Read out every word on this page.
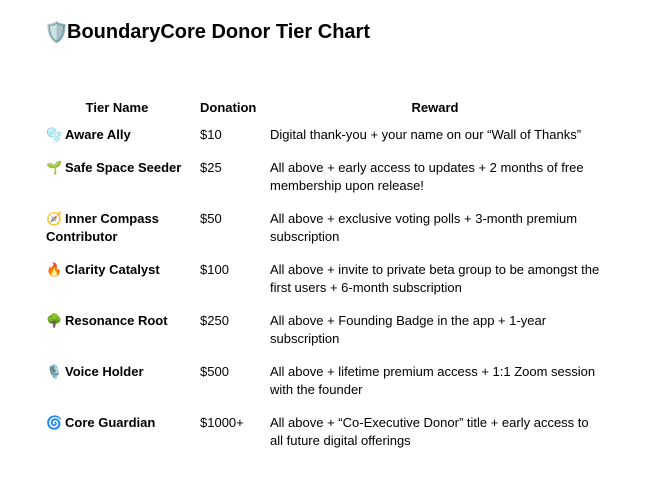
🛡️
BoundaryCore Donor Tier Chart
Tier Name	Donation	Reward
🫧 Aware Ally	$10	Digital thank-you + your name on our “Wall of Thanks”
🌱 Safe Space Seeder	$25	All above + early access to updates + 2 months of free membership upon release!
🧭 Inner Compass Contributor	$50	All above + exclusive voting polls + 3-month premium subscription
🔥 Clarity Catalyst	$100	All above + invite to private beta group to be amongst the first users + 6-month subscription
🌳 Resonance Root	$250	All above + Founding Badge in the app + 1-year subscription
🎙️ Voice Holder	$500	All above + lifetime premium access + 1:1 Zoom session with the founder
🌀 Core Guardian	$1000+	All above + “Co-Executive Donor” title + early access to all future digital offerings
